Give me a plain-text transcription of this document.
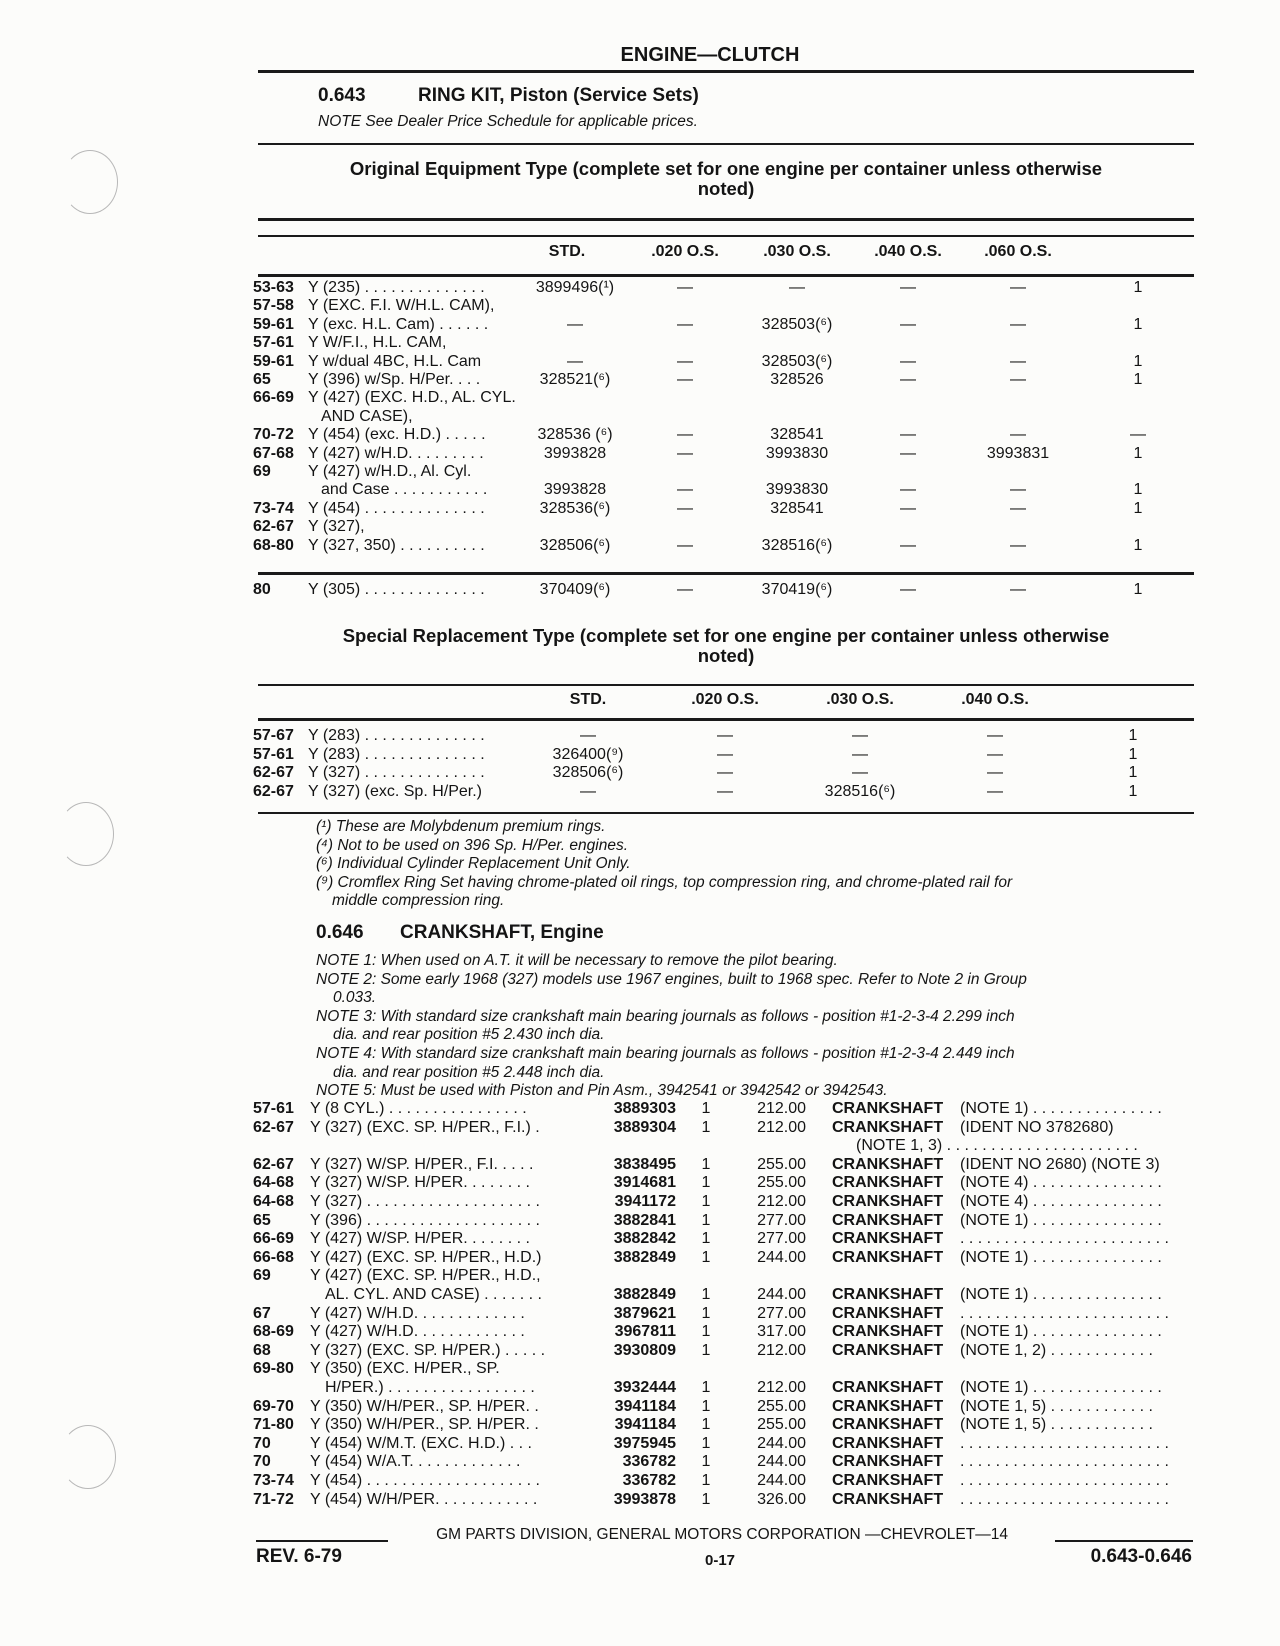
ENGINE—CLUTCH
0.643	RING KIT, Piston (Service Sets)
NOTE See Dealer Price Schedule for applicable prices.
Original Equipment Type (complete set for one engine per container unless otherwise
noted)
STD.	.020 O.S.	.030 O.S.	.040 O.S.	.060 O.S.
53-63 Y (235) . . . . . . . . . . . . . .	3899496(¹)	—	—	—	—	1
57-58 Y (EXC. F.I. W/H.L. CAM),
59-61 Y (exc. H.L. Cam) . . . . . .	—	—	328503(⁶)	—	—	1
57-61 Y W/F.I., H.L. CAM,
59-61 Y w/dual 4BC, H.L. Cam	—	—	328503(⁶)	—	—	1
65 Y (396) w/Sp. H/Per. . . .	328521(⁶)	—	328526	—	—	1
66-69 Y (427) (EXC. H.D., AL. CYL.
AND CASE),
70-72 Y (454) (exc. H.D.) . . . . .	328536 (⁶)	—	328541	—	—	—
67-68 Y (427) w/H.D. . . . . . . . .	3993828	—	3993830	—	3993831	1
69 Y (427) w/H.D., Al. Cyl.
and Case . . . . . . . . . . .	3993828	—	3993830	—	—	1
73-74 Y (454) . . . . . . . . . . . . . .	328536(⁶)	—	328541	—	—	1
62-67 Y (327),
68-80 Y (327, 350) . . . . . . . . . .	328506(⁶)	—	328516(⁶)	—	—	1
80 Y (305) . . . . . . . . . . . . . .	370409(⁶)	—	370419(⁶)	—	—	1
Special Replacement Type (complete set for one engine per container unless otherwise
noted)
STD.	.020 O.S.	.030 O.S.	.040 O.S.
57-67 Y (283) . . . . . . . . . . . . . .	—	—	—	—	1
57-61 Y (283) . . . . . . . . . . . . . .	326400(⁹)	—	—	—	1
62-67 Y (327) . . . . . . . . . . . . . .	328506(⁶)	—	—	—	1
62-67 Y (327) (exc. Sp. H/Per.)	—	—	328516(⁶)	—	1
(¹) These are Molybdenum premium rings.
(⁴) Not to be used on 396 Sp. H/Per. engines.
(⁶) Individual Cylinder Replacement Unit Only.
(⁹) Cromflex Ring Set having chrome-plated oil rings, top compression ring, and chrome-plated rail for
middle compression ring.
0.646 CRANKSHAFT, Engine
NOTE 1: When used on A.T. it will be necessary to remove the pilot bearing.
NOTE 2: Some early 1968 (327) models use 1967 engines, built to 1968 spec. Refer to Note 2 in Group
0.033.
NOTE 3: With standard size crankshaft main bearing journals as follows - position #1-2-3-4 2.299 inch
dia. and rear position #5 2.430 inch dia.
NOTE 4: With standard size crankshaft main bearing journals as follows - position #1-2-3-4 2.449 inch
dia. and rear position #5 2.448 inch dia.
NOTE 5: Must be used with Piston and Pin Asm., 3942541 or 3942542 or 3942543.
57-61 Y (8 CYL.) . . . . . . . . . . . . . . . .	3889303	1	212.00 CRANKSHAFT (NOTE 1) . . . . . . . . . . . . . . .
62-67 Y (327) (EXC. SP. H/PER., F.I.) .	3889304	1	212.00 CRANKSHAFT (IDENT NO 3782680)
(NOTE 1, 3) . . . . . . . . . . . . . . . . . . . . . .
62-67 Y (327) W/SP. H/PER., F.I. . . . .	3838495	1	255.00 CRANKSHAFT (IDENT NO 2680) (NOTE 3)
64-68 Y (327) W/SP. H/PER. . . . . . . .	3914681	1	255.00 CRANKSHAFT (NOTE 4) . . . . . . . . . . . . . . .
64-68 Y (327) . . . . . . . . . . . . . . . . . . . .	3941172	1	212.00 CRANKSHAFT (NOTE 4) . . . . . . . . . . . . . . .
65 Y (396) . . . . . . . . . . . . . . . . . . . .	3882841	1	277.00 CRANKSHAFT (NOTE 1) . . . . . . . . . . . . . . .
66-69 Y (427) W/SP. H/PER. . . . . . . .	3882842	1	277.00 CRANKSHAFT . . . . . . . . . . . . . . . . . . . . . . . .
66-68 Y (427) (EXC. SP. H/PER., H.D.)	3882849	1	244.00 CRANKSHAFT (NOTE 1) . . . . . . . . . . . . . . .
69 Y (427) (EXC. SP. H/PER., H.D.,
AL. CYL. AND CASE) . . . . . . .	3882849	1	244.00 CRANKSHAFT (NOTE 1) . . . . . . . . . . . . . . .
67 Y (427) W/H.D. . . . . . . . . . . . .	3879621	1	277.00 CRANKSHAFT . . . . . . . . . . . . . . . . . . . . . . . .
68-69 Y (427) W/H.D. . . . . . . . . . . . .	3967811	1	317.00 CRANKSHAFT (NOTE 1) . . . . . . . . . . . . . . .
68 Y (327) (EXC. SP. H/PER.) . . . . .	3930809	1	212.00 CRANKSHAFT (NOTE 1, 2) . . . . . . . . . . . .
69-80 Y (350) (EXC. H/PER., SP.
H/PER.) . . . . . . . . . . . . . . . . .	3932444	1	212.00 CRANKSHAFT (NOTE 1) . . . . . . . . . . . . . . .
69-70 Y (350) W/H/PER., SP. H/PER. .	3941184	1	255.00 CRANKSHAFT (NOTE 1, 5) . . . . . . . . . . . .
71-80 Y (350) W/H/PER., SP. H/PER. .	3941184	1	255.00 CRANKSHAFT (NOTE 1, 5) . . . . . . . . . . . .
70 Y (454) W/M.T. (EXC. H.D.) . . .	3975945	1	244.00 CRANKSHAFT . . . . . . . . . . . . . . . . . . . . . . . .
70 Y (454) W/A.T. . . . . . . . . . . . .	336782	1	244.00 CRANKSHAFT . . . . . . . . . . . . . . . . . . . . . . . .
73-74 Y (454) . . . . . . . . . . . . . . . . . . . .	336782	1	244.00 CRANKSHAFT . . . . . . . . . . . . . . . . . . . . . . . .
71-72 Y (454) W/H/PER. . . . . . . . . . . .	3993878	1	326.00 CRANKSHAFT . . . . . . . . . . . . . . . . . . . . . . . .
GM PARTS DIVISION, GENERAL MOTORS CORPORATION —CHEVROLET—14
REV. 6-79	0-17	0.643-0.646
